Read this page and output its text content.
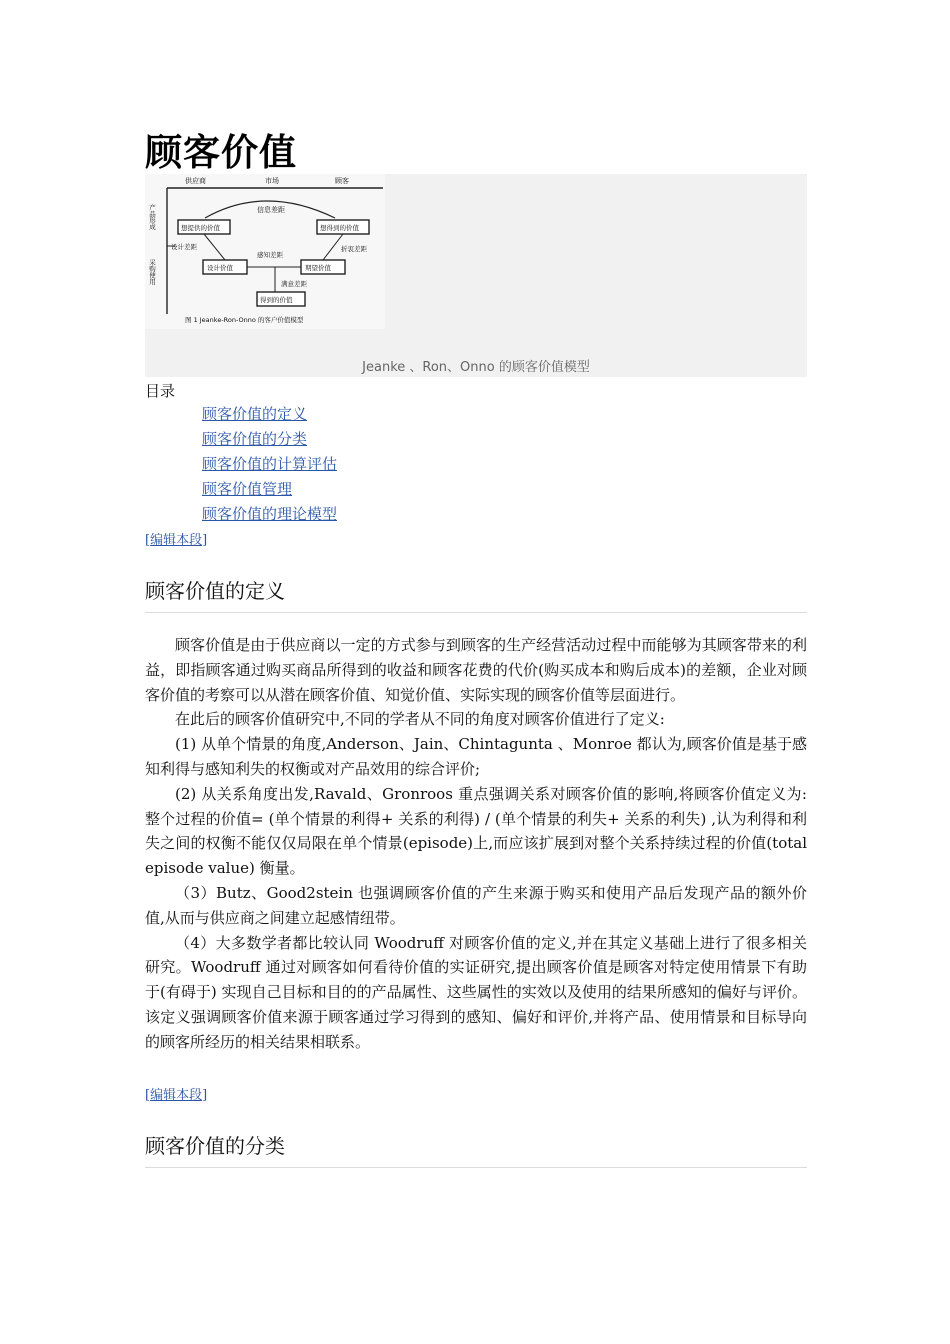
顾客价值
供应商	市场	顾客
产品形成
采购使用
信息差距
想提供的价值	想得到的价值
设计差距	折衷差距
感知差距
设计价值	期望价值
满意差距
得到的价值
图 1 Jeanke-Ron-Onno 的客户价值模型
Jeanke 、Ron、Onno 的顾客价值模型
目录
顾客价值的定义
顾客价值的分类
顾客价值的计算评估
顾客价值管理
顾客价值的理论模型
[编辑本段]
顾客价值的定义

顾客价值是由于供应商以一定的方式参与到顾客的生产经营活动过程中而能够为其顾客带来的利益，即指顾客通过购买商品所得到的收益和顾客花费的代价(购买成本和购后成本)的差额，企业对顾客价值的考察可以从潜在顾客价值、知觉价值、实际实现的顾客价值等层面进行。

在此后的顾客价值研究中,不同的学者从不同的角度对顾客价值进行了定义:

(1) 从单个情景的角度,Anderson、Jain、Chintagunta 、Monroe 都认为,顾客价值是基于感知利得与感知利失的权衡或对产品效用的综合评价;

(2) 从关系角度出发,Ravald、Gronroos 重点强调关系对顾客价值的影响,将顾客价值定义为:整个过程的价值= (单个情景的利得+ 关系的利得) / (单个情景的利失+ 关系的利失) ,认为利得和利失之间的权衡不能仅仅局限在单个情景(episode)上,而应该扩展到对整个关系持续过程的价值(total episode value) 衡量。

（3）Butz、Good2stein 也强调顾客价值的产生来源于购买和使用产品后发现产品的额外价值,从而与供应商之间建立起感情纽带。

（4）大多数学者都比较认同 Woodruff 对顾客价值的定义,并在其定义基础上进行了很多相关研究。Woodruff 通过对顾客如何看待价值的实证研究,提出顾客价值是顾客对特定使用情景下有助于(有碍于) 实现自己目标和目的的产品属性、这些属性的实效以及使用的结果所感知的偏好与评价。该定义强调顾客价值来源于顾客通过学习得到的感知、偏好和评价,并将产品、使用情景和目标导向的顾客所经历的相关结果相联系。

[编辑本段]
顾客价值的分类
